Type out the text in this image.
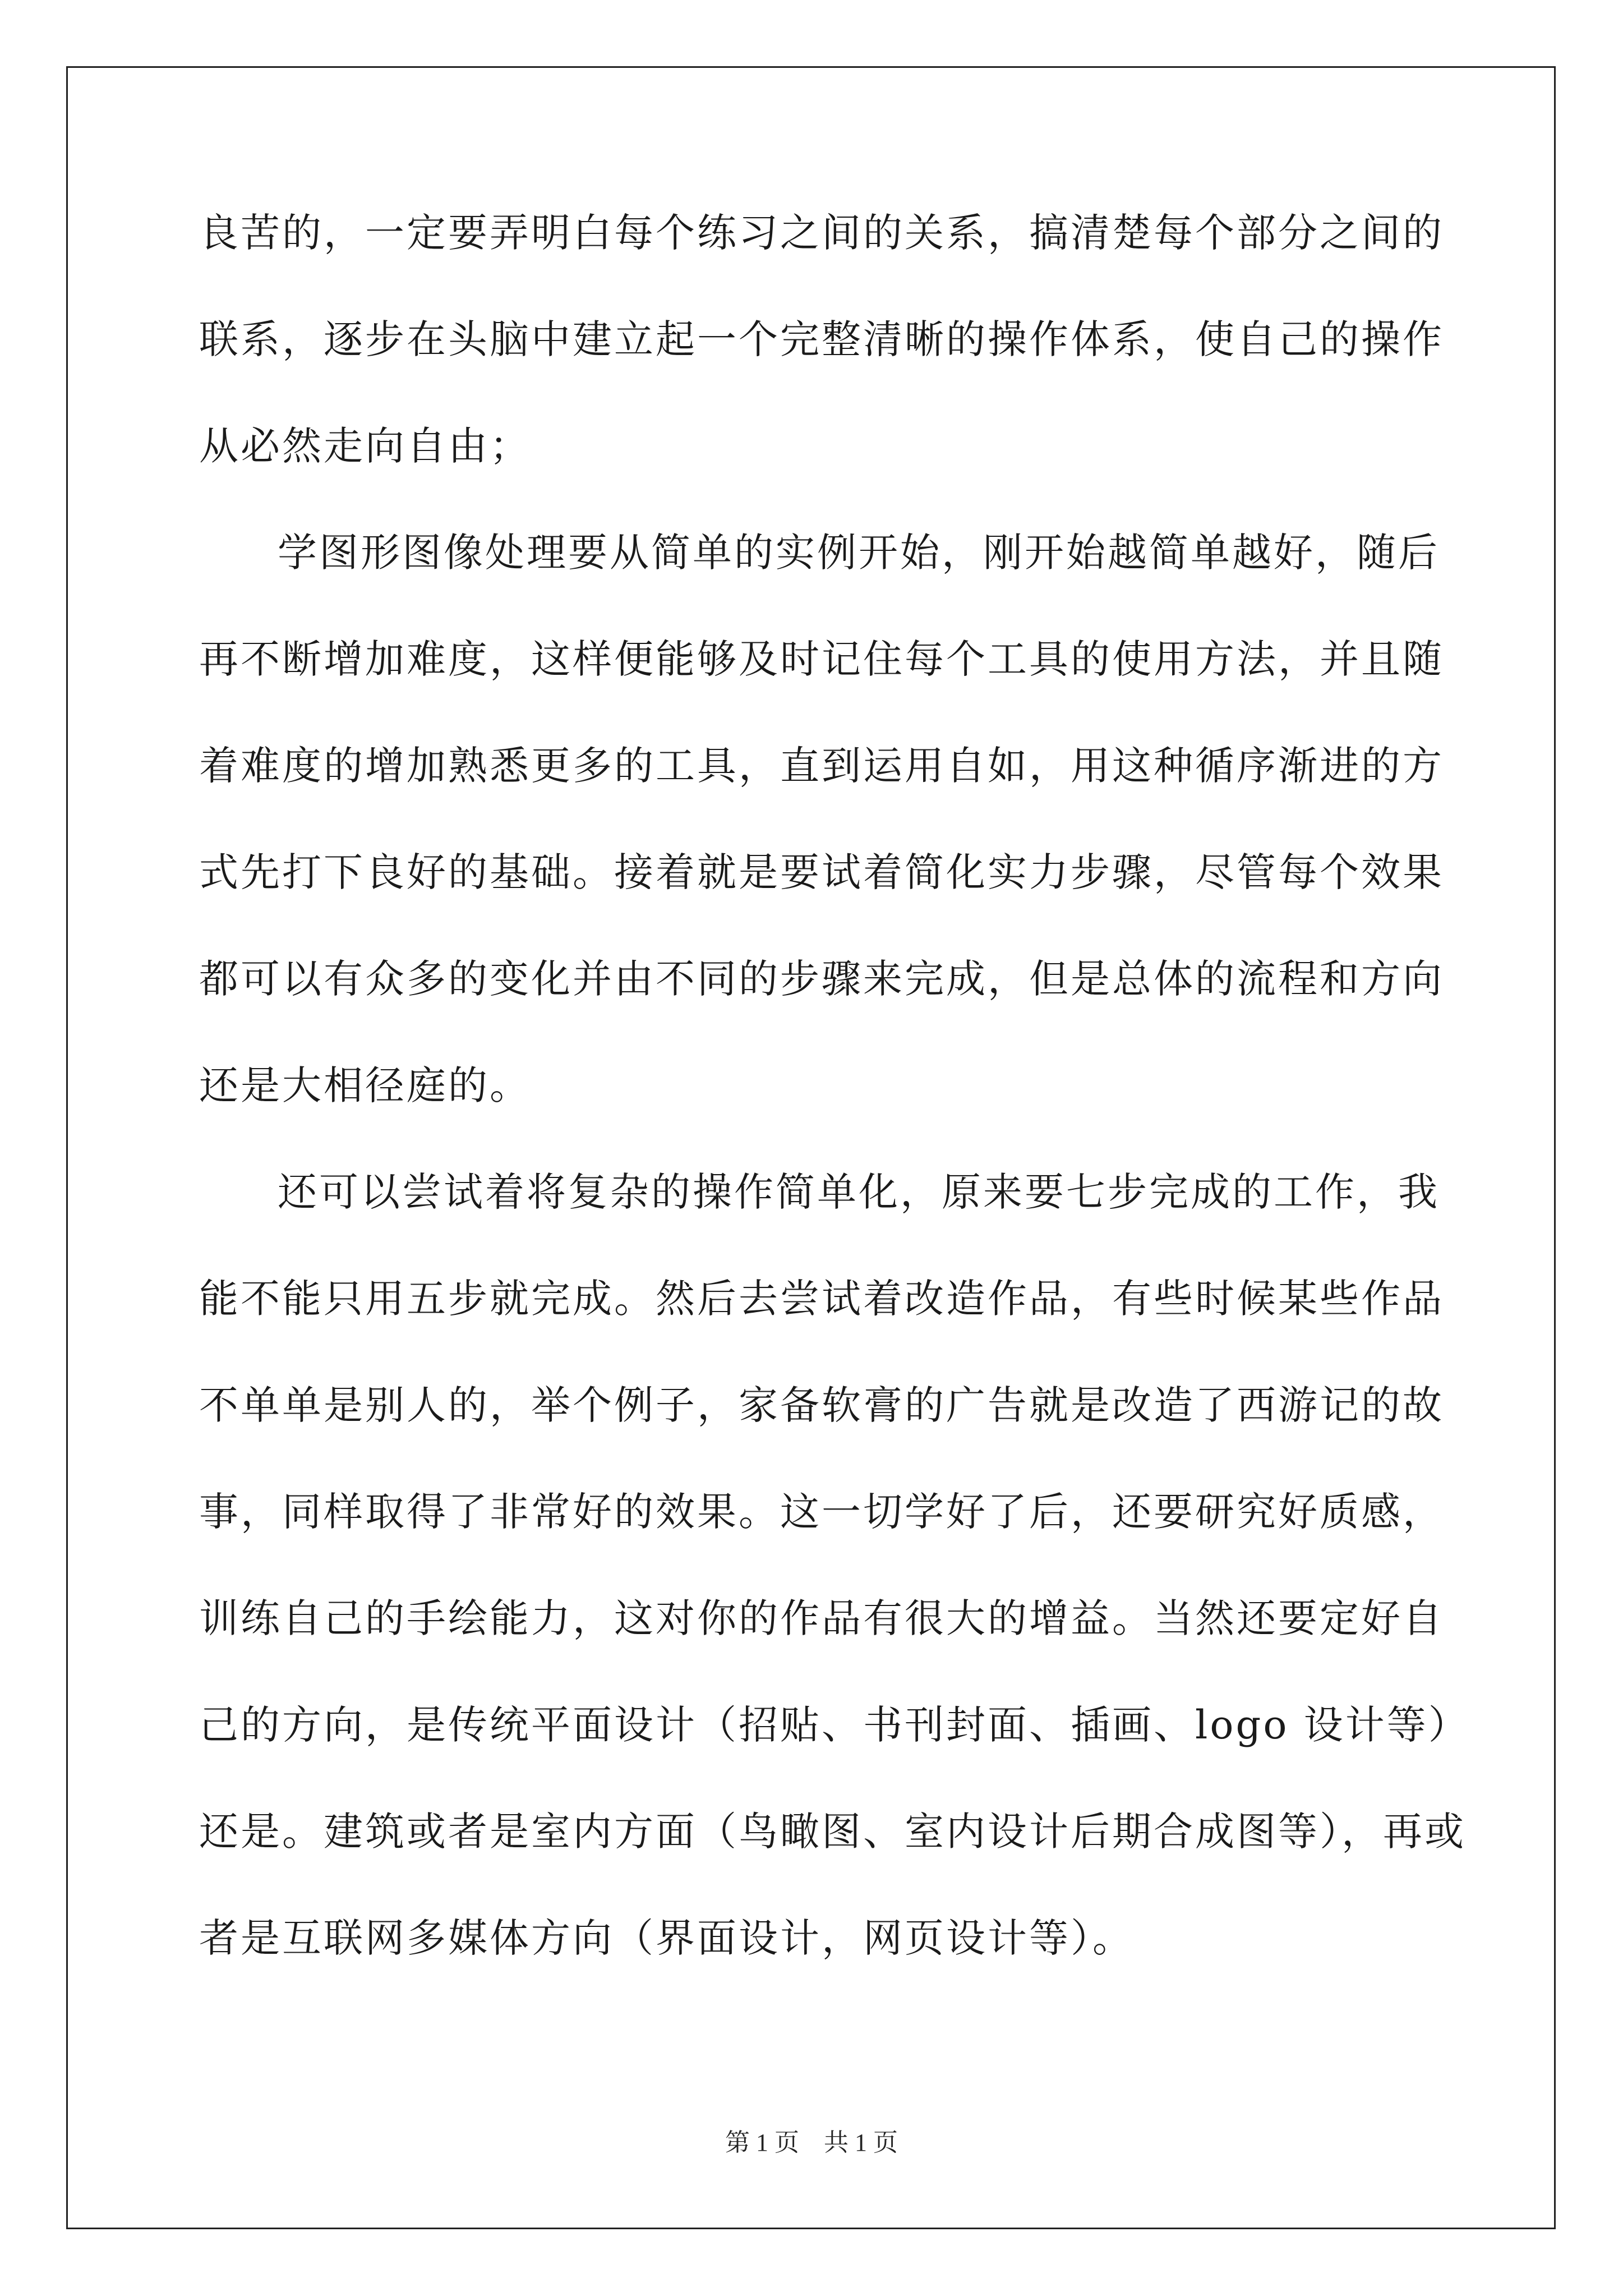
良苦的，一定要弄明白每个练习之间的关系，搞清楚每个部分之间的
联系，逐步在头脑中建立起一个完整清晰的操作体系，使自己的操作
从必然走向自由；
学图形图像处理要从简单的实例开始，刚开始越简单越好，随后
再不断增加难度，这样便能够及时记住每个工具的使用方法，并且随
着难度的增加熟悉更多的工具，直到运用自如，用这种循序渐进的方
式先打下良好的基础。接着就是要试着简化实力步骤，尽管每个效果
都可以有众多的变化并由不同的步骤来完成，但是总体的流程和方向
还是大相径庭的。
还可以尝试着将复杂的操作简单化，原来要七步完成的工作，我
能不能只用五步就完成。然后去尝试着改造作品，有些时候某些作品
不单单是别人的，举个例子，家备软膏的广告就是改造了西游记的故
事，同样取得了非常好的效果。这一切学好了后，还要研究好质感，
训练自己的手绘能力，这对你的作品有很大的增益。当然还要定好自
己的方向，是传统平面设计（招贴、书刊封面、插画、logo 设计等）
还是。建筑或者是室内方面（鸟瞰图、室内设计后期合成图等），再或
者是互联网多媒体方向（界面设计，网页设计等）。
第 1 页　共 1 页
